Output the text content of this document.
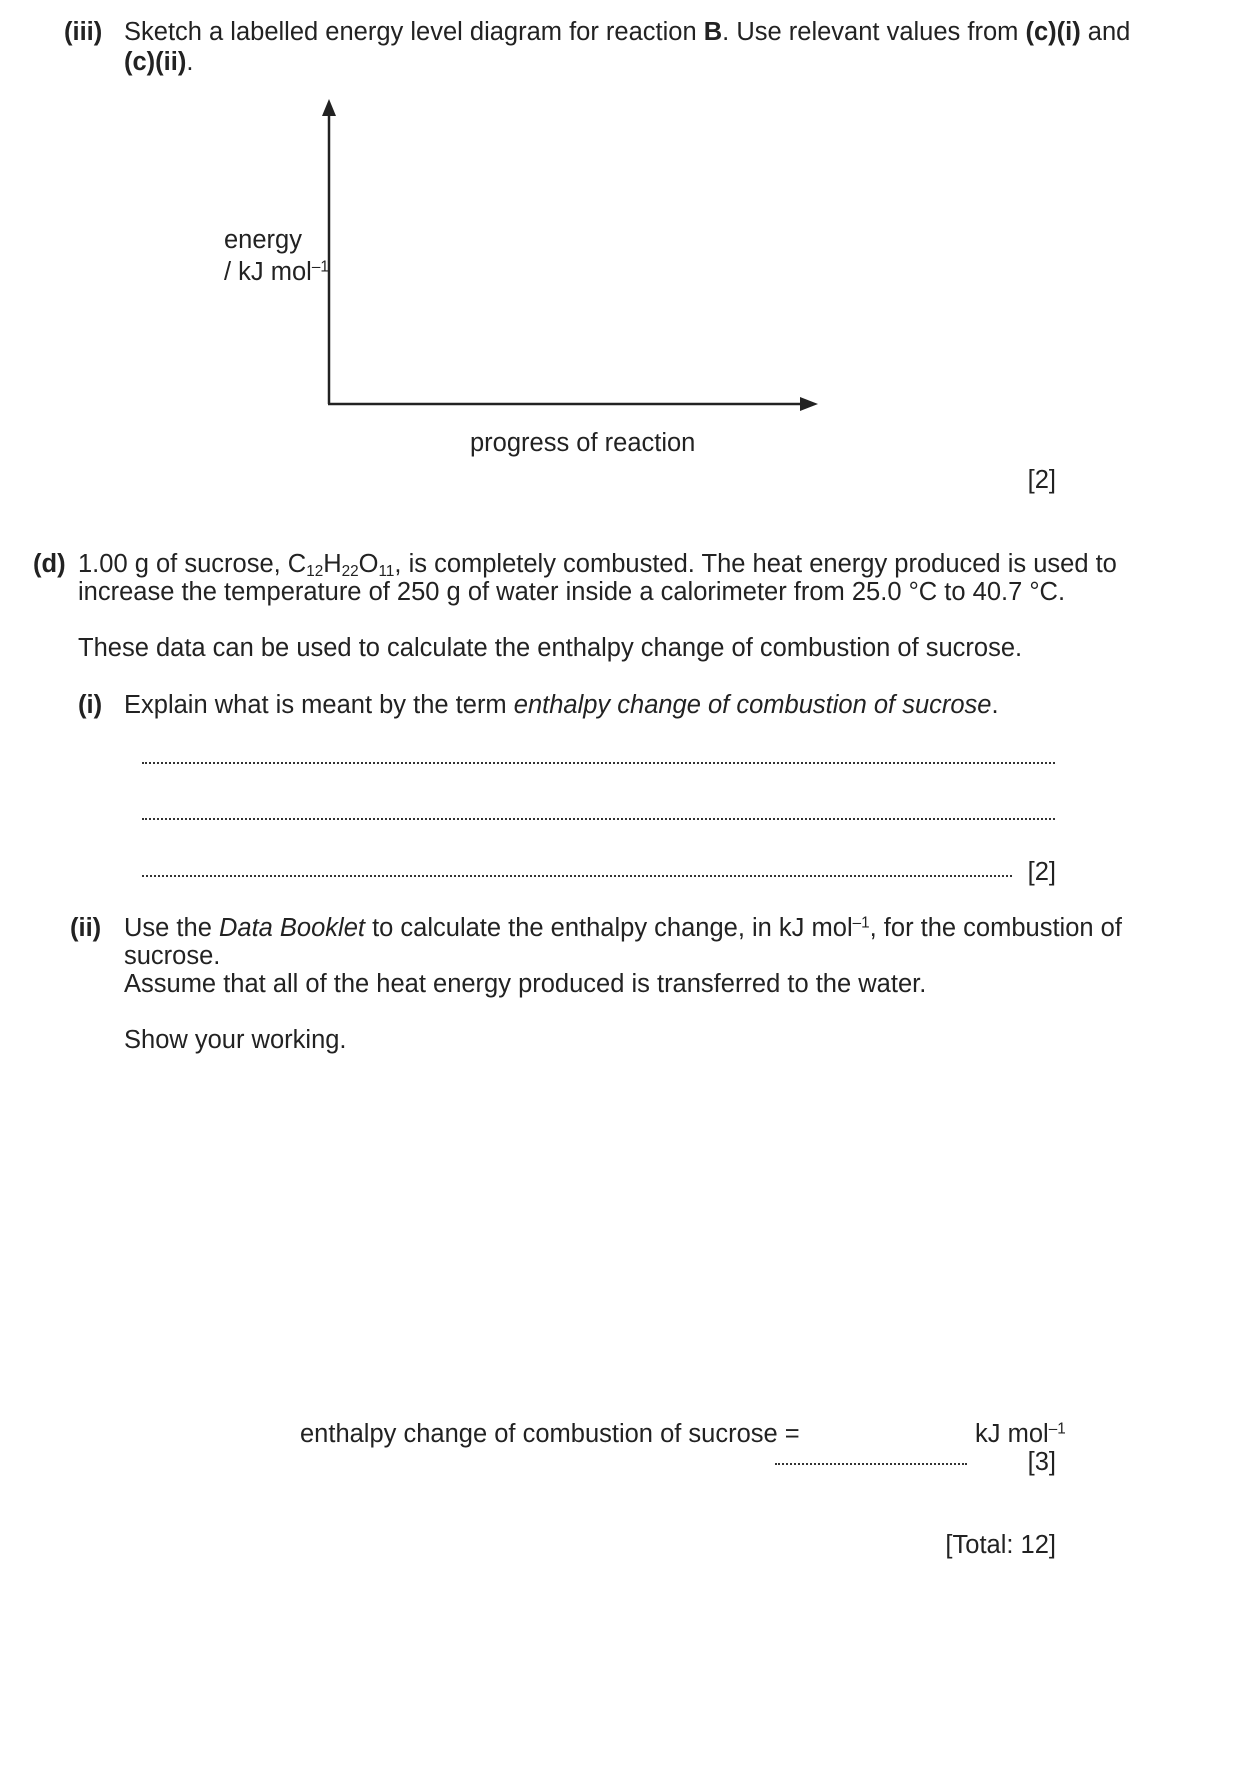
(iii) Sketch a labelled energy level diagram for reaction B. Use relevant values from (c)(i) and
(c)(ii).
energy
/ kJ mol$^{-1}$
progress of reaction
[2]
(d) 1.00 g of sucrose, $C_{12}H_{22}O_{11}$, is completely combusted. The heat energy produced is used to
increase the temperature of 250 g of water inside a calorimeter from 25.0 °C to 40.7 °C.
These data can be used to calculate the enthalpy change of combustion of sucrose.
(i) Explain what is meant by the term enthalpy change of combustion of sucrose.
[2]
(ii) Use the Data Booklet to calculate the enthalpy change, in kJ mol$^{-1}$, for the combustion of
sucrose.
Assume that all of the heat energy produced is transferred to the water.
Show your working.
enthalpy change of combustion of sucrose =	kJ mol$^{-1}$
[3]
[Total: 12]
